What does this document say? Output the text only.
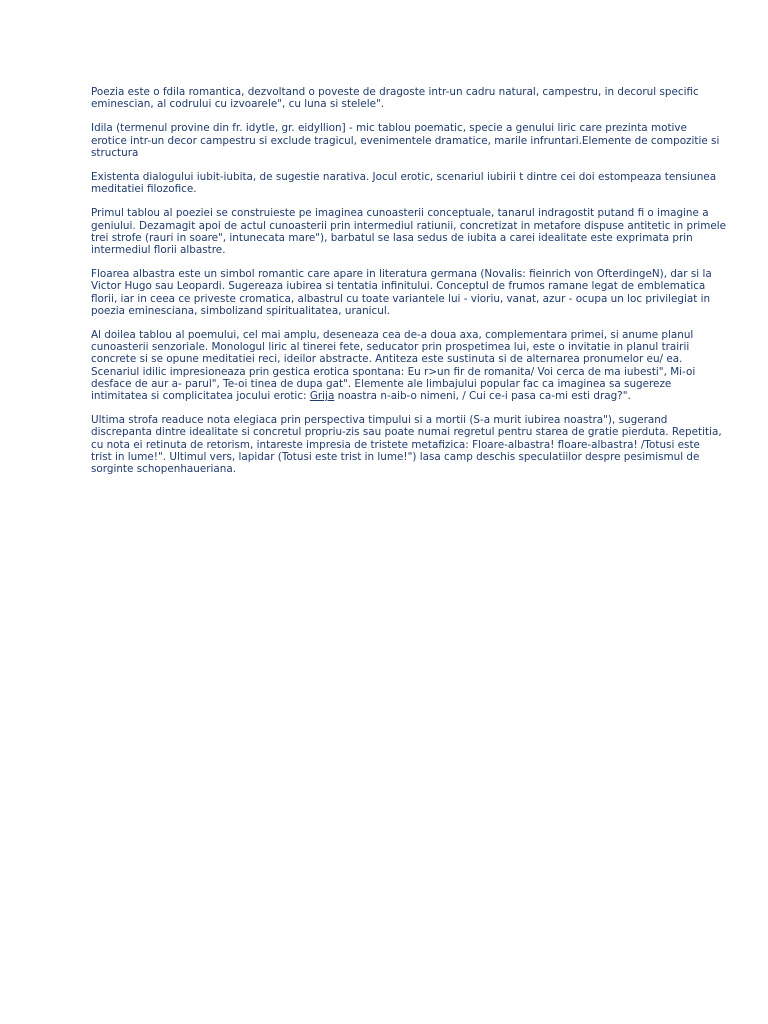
Poezia este o fdila romantica, dezvoltand o poveste de dragoste intr-un cadru natural, campestru, in decorul specific
eminescian, al codrului cu izvoarele", cu luna si stelele".
Idila (termenul provine din fr. idytle, gr. eidyllion] - mic tablou poematic, specie a genului liric care prezinta motive
erotice intr-un decor campestru si exclude tragicul, evenimentele dramatice, marile infruntari.Elemente de compozitie si
structura
Existenta dialogului iubit-iubita, de sugestie narativa. Jocul erotic, scenariul iubirii t dintre cei doi estompeaza tensiunea
meditatiei filozofice.
Primul tablou al poeziei se construieste pe imaginea cunoasterii conceptuale, tanarul indragostit putand fi o imagine a
geniului. Dezamagit apoi de actul cunoasterii prin intermediul ratiunii, concretizat in metafore dispuse antitetic in primele
trei strofe (rauri in soare", intunecata mare"), barbatul se lasa sedus de iubita a carei idealitate este exprimata prin
intermediul florii albastre.
Floarea albastra este un simbol romantic care apare in literatura germana (Novalis: fieinrich von OfterdingeN), dar si la
Victor Hugo sau Leopardi. Sugereaza iubirea si tentatia infinitului. Conceptul de frumos ramane legat de emblematica
florii, iar in ceea ce priveste cromatica, albastrul cu toate variantele lui - vioriu, vanat, azur - ocupa un loc privilegiat in
poezia eminesciana, simbolizand spiritualitatea, uranicul.
Al doilea tablou al poemului, cel mai amplu, deseneaza cea de-a doua axa, complementara primei, si anume planul
cunoasterii senzoriale. Monologul liric al tinerei fete, seducator prin prospetimea lui, este o invitatie in planul trairii
concrete si se opune meditatiei reci, ideilor abstracte. Antiteza este sustinuta si de alternarea pronumelor eu/ ea.
Scenariul idilic impresioneaza prin gestica erotica spontana: Eu r>un fir de romanita/ Voi cerca de ma iubesti", Mi-oi
desface de aur a- parul", Te-oi tinea de dupa gat". Elemente ale limbajului popular fac ca imaginea sa sugereze
intimitatea si complicitatea jocului erotic: Grija noastra n-aib-o nimeni, / Cui ce-i pasa ca-mi esti drag?".
Ultima strofa readuce nota elegiaca prin perspectiva timpului si a mortii (S-a murit iubirea noastra"), sugerand
discrepanta dintre idealitate si concretul propriu-zis sau poate numai regretul pentru starea de gratie pierduta. Repetitia,
cu nota ei retinuta de retorism, intareste impresia de tristete metafizica: Floare-albastra! floare-albastra! /Totusi este
trist in lume!". Ultimul vers, lapidar (Totusi este trist in lume!") lasa camp deschis speculatiilor despre pesimismul de
sorginte schopenhaueriana.
